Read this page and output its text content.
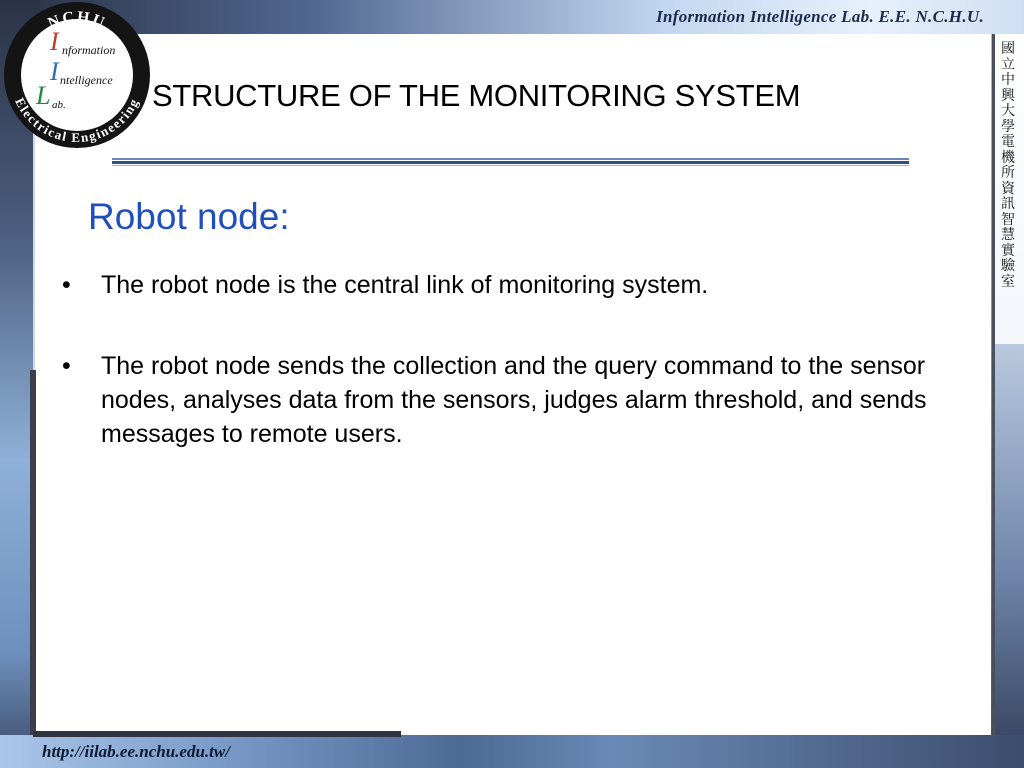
Information Intelligence Lab. E.E. N.C.H.U.
國立中興大學電機所資訊智慧實驗室
NCHU
Electrical Engineering
I nformation
I ntelligence
L ab.	STRUCTURE OF THE MONITORING SYSTEM
Robot node:
•	The robot node is the central link of monitoring system.
•	The robot node sends the collection and the query command to the sensor nodes, analyses data from the sensors, judges alarm threshold, and sends messages to remote users.
http://iilab.ee.nchu.edu.tw/
